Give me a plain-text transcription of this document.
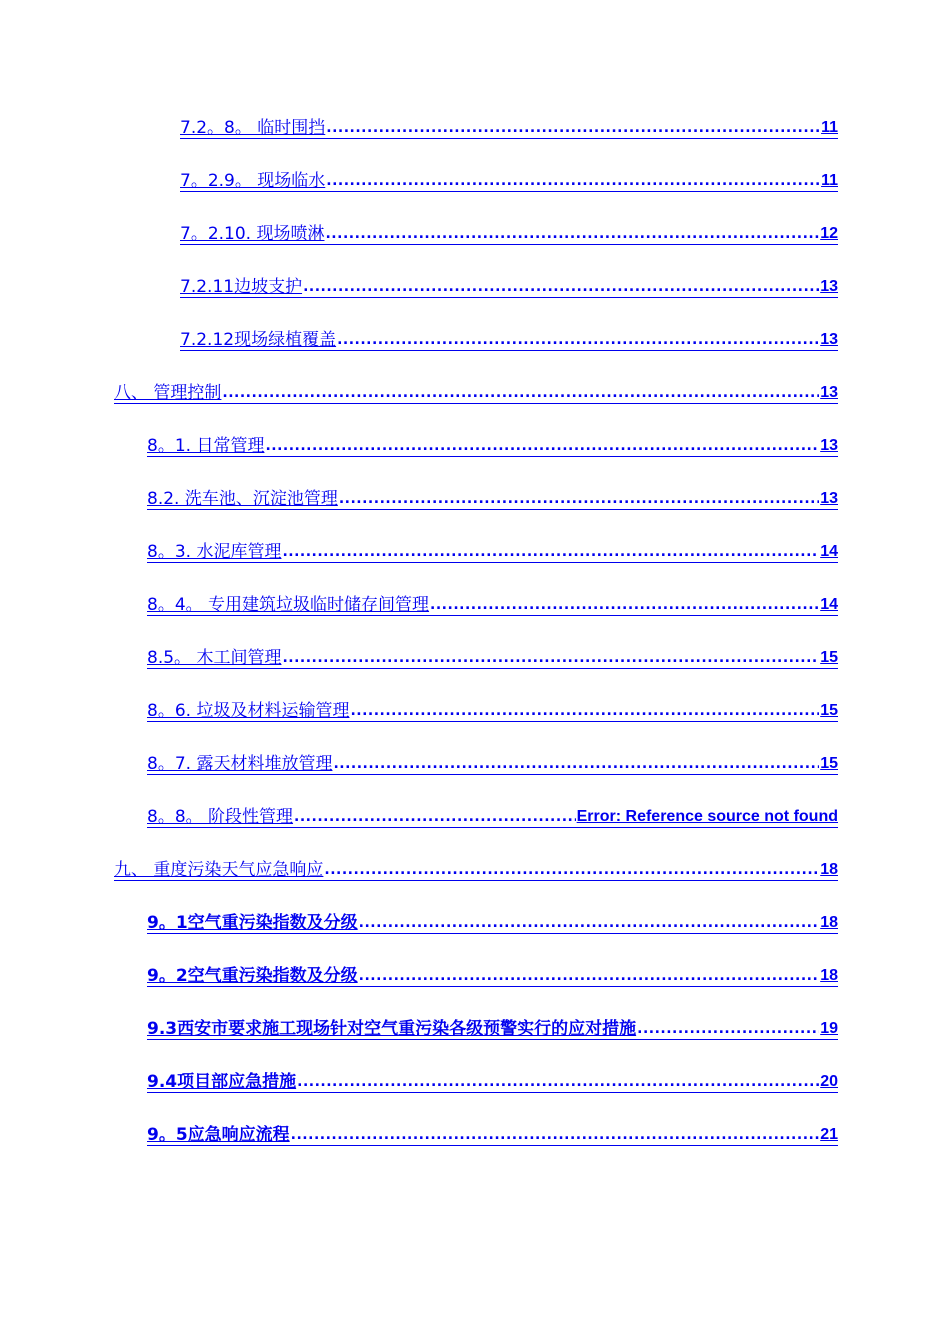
7.2。8。 临时围挡 .....	11
7。2.9。 现场临水 .....	11
7。2.10. 现场喷淋 .....	12
7.2.11边坡支护 .....	13
7.2.12现场绿植覆盖 .....	13
八、 管理控制 .....	13
8。1. 日常管理 .....	13
8.2. 洗车池、沉淀池管理 .....	13
8。3. 水泥库管理 .....	14
8。4。 专用建筑垃圾临时储存间管理 .....	14
8.5。 木工间管理 .....	15
8。6. 垃圾及材料运输管理 .....	15
8。7. 露天材料堆放管理 .....	15
8。8。 阶段性管理 .....	Error: Reference source not found
九、 重度污染天气应急响应 .....	18
9。1空气重污染指数及分级 .....	18
9。2空气重污染指数及分级 .....	18
9.3西安市要求施工现场针对空气重污染各级预警实行的应对措施 .....	19
9.4项目部应急措施 .....	20
9。5应急响应流程 .....	21
